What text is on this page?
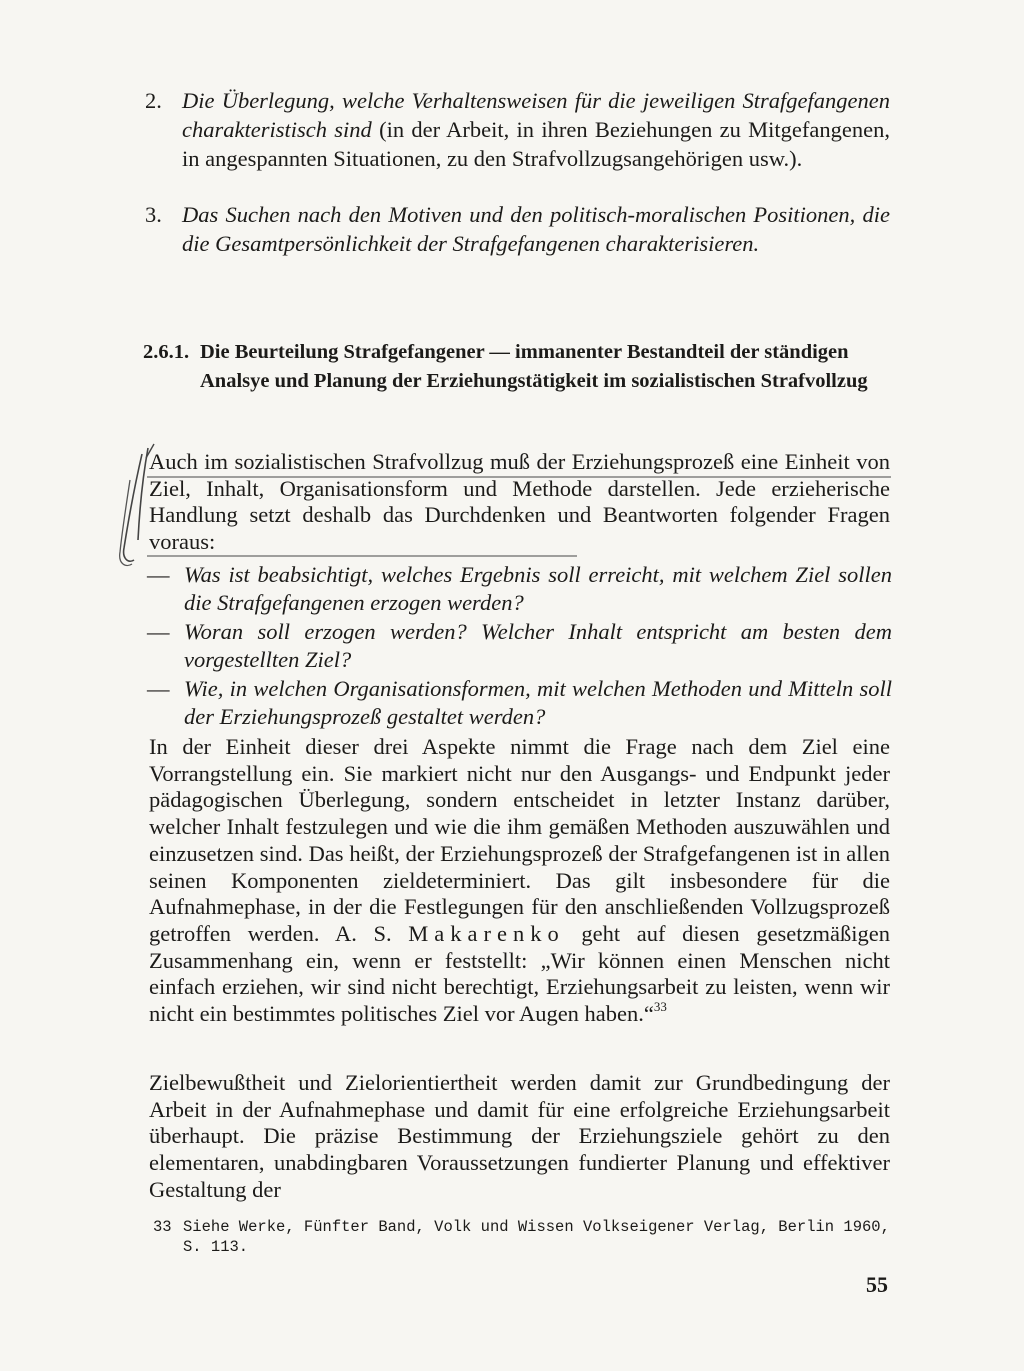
2. Die Überlegung, welche Verhaltensweisen für die jeweiligen Strafgefangenen charakteristisch sind (in der Arbeit, in ihren Beziehungen zu Mitgefangenen, in angespannten Situationen, zu den Strafvollzugsangehörigen usw.).
3. Das Suchen nach den Motiven und den politisch-moralischen Positionen, die die Gesamtpersönlichkeit der Strafgefangenen charakterisieren.
2.6.1. Die Beurteilung Strafgefangener — immanenter Bestandteil der ständigen Analsye und Planung der Erziehungstätigkeit im sozialistischen Strafvollzug
Auch im sozialistischen Strafvollzug muß der Erziehungsprozeß eine Einheit von Ziel, Inhalt, Organisationsform und Methode darstellen. Jede erzieherische Handlung setzt deshalb das Durchdenken und Beantworten folgender Fragen voraus:
— Was ist beabsichtigt, welches Ergebnis soll erreicht, mit welchem Ziel sollen die Strafgefangenen erzogen werden?
— Woran soll erzogen werden? Welcher Inhalt entspricht am besten dem vorgestellten Ziel?
— Wie, in welchen Organisationsformen, mit welchen Methoden und Mitteln soll der Erziehungsprozeß gestaltet werden?
In der Einheit dieser drei Aspekte nimmt die Frage nach dem Ziel eine Vorrangstellung ein. Sie markiert nicht nur den Ausgangs- und Endpunkt jeder pädagogischen Überlegung, sondern entscheidet in letzter Instanz darüber, welcher Inhalt festzulegen und wie die ihm gemäßen Methoden auszuwählen und einzusetzen sind. Das heißt, der Erziehungsprozeß der Strafgefangenen ist in allen seinen Komponenten zieldeterminiert. Das gilt insbesondere für die Aufnahmephase, in der die Festlegungen für den anschließenden Vollzugsprozeß getroffen werden. A. S. Makarenko geht auf diesen gesetzmäßigen Zusammenhang ein, wenn er feststellt: „Wir können einen Menschen nicht einfach erziehen, wir sind nicht berechtigt, Erziehungsarbeit zu leisten, wenn wir nicht ein bestimmtes politisches Ziel vor Augen haben.“$^{33}$
Zielbewußtheit und Zielorientiertheit werden damit zur Grundbedingung der Arbeit in der Aufnahmephase und damit für eine erfolgreiche Erziehungsarbeit überhaupt. Die präzise Bestimmung der Erziehungsziele gehört zu den elementaren, unabdingbaren Voraussetzungen fundierter Planung und effektiver Gestaltung der
33 Siehe Werke, Fünfter Band, Volk und Wissen Volkseigener Verlag, Berlin 1960, S. 113.
55
